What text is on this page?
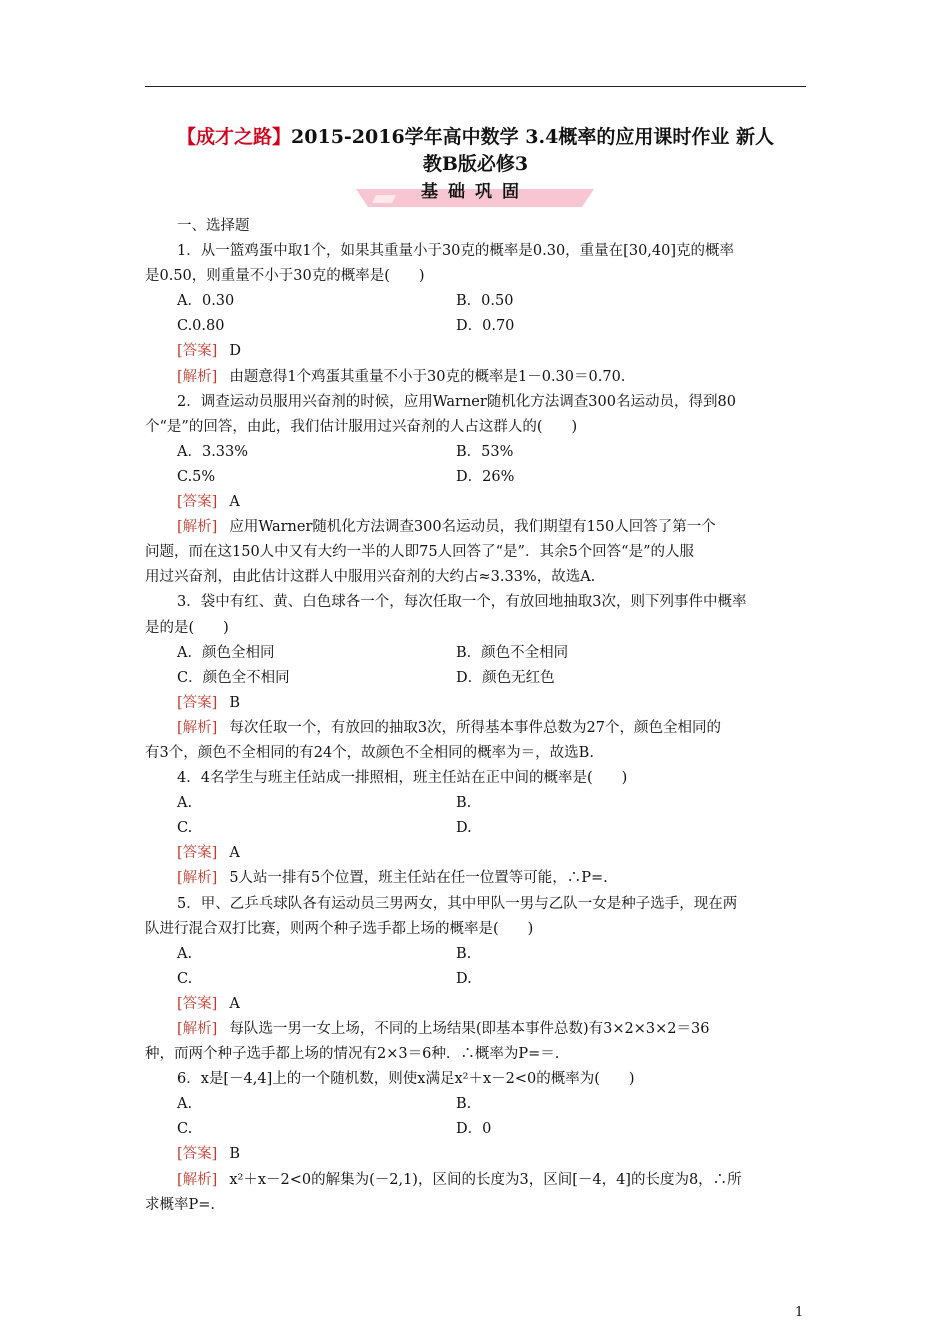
【成才之路】2015-2016学年高中数学 3.4概率的应用课时作业 新人
教B版必修3
基础巩固
一、选择题
1．从一篮鸡蛋中取1个，如果其重量小于30克的概率是0.30，重量在[30,40]克的概率
是0.50，则重量不小于30克的概率是(　　)
A．0.30	B．0.50
C.0.80	D．0.70
[答案] D
[解析] 由题意得1个鸡蛋其重量不小于30克的概率是1－0.30＝0.70.
2．调查运动员服用兴奋剂的时候，应用Warner随机化方法调查300名运动员，得到80
个“是”的回答，由此，我们估计服用过兴奋剂的人占这群人的(　　)
A．3.33%	B．53%
C.5%	D．26%
[答案] A
[解析] 应用Warner随机化方法调查300名运动员，我们期望有150人回答了第一个
问题，而在这150人中又有大约一半的人即75人回答了“是”．其余5个回答“是”的人服
用过兴奋剂，由此估计这群人中服用兴奋剂的大约占≈3.33%，故选A.
3．袋中有红、黄、白色球各一个，每次任取一个，有放回地抽取3次，则下列事件中概率
是的是(　　)
A．颜色全相同	B．颜色不全相同
C．颜色全不相同	D．颜色无红色
[答案] B
[解析] 每次任取一个，有放回的抽取3次，所得基本事件总数为27个，颜色全相同的
有3个，颜色不全相同的有24个，故颜色不全相同的概率为＝，故选B.
4．4名学生与班主任站成一排照相，班主任站在正中间的概率是(　　)
A.	B.
C.	D.
[答案] A
[解析] 5人站一排有5个位置，班主任站在任一位置等可能，∴P=.
5．甲、乙乒乓球队各有运动员三男两女，其中甲队一男与乙队一女是种子选手，现在两
队进行混合双打比赛，则两个种子选手都上场的概率是(　　)
A.	B.
C.	D.
[答案] A
[解析] 每队选一男一女上场，不同的上场结果(即基本事件总数)有3×2×3×2＝36
种，而两个种子选手都上场的情况有2×3＝6种．∴概率为P=＝.
6．x是[－4,4]上的一个随机数，则使x满足x²＋x－2<0的概率为(　　)
A.	B.
C.	D．0
[答案] B
[解析] x²＋x－2<0的解集为(－2,1)，区间的长度为3，区间[－4，4]的长度为8，∴所
求概率P=.
1
